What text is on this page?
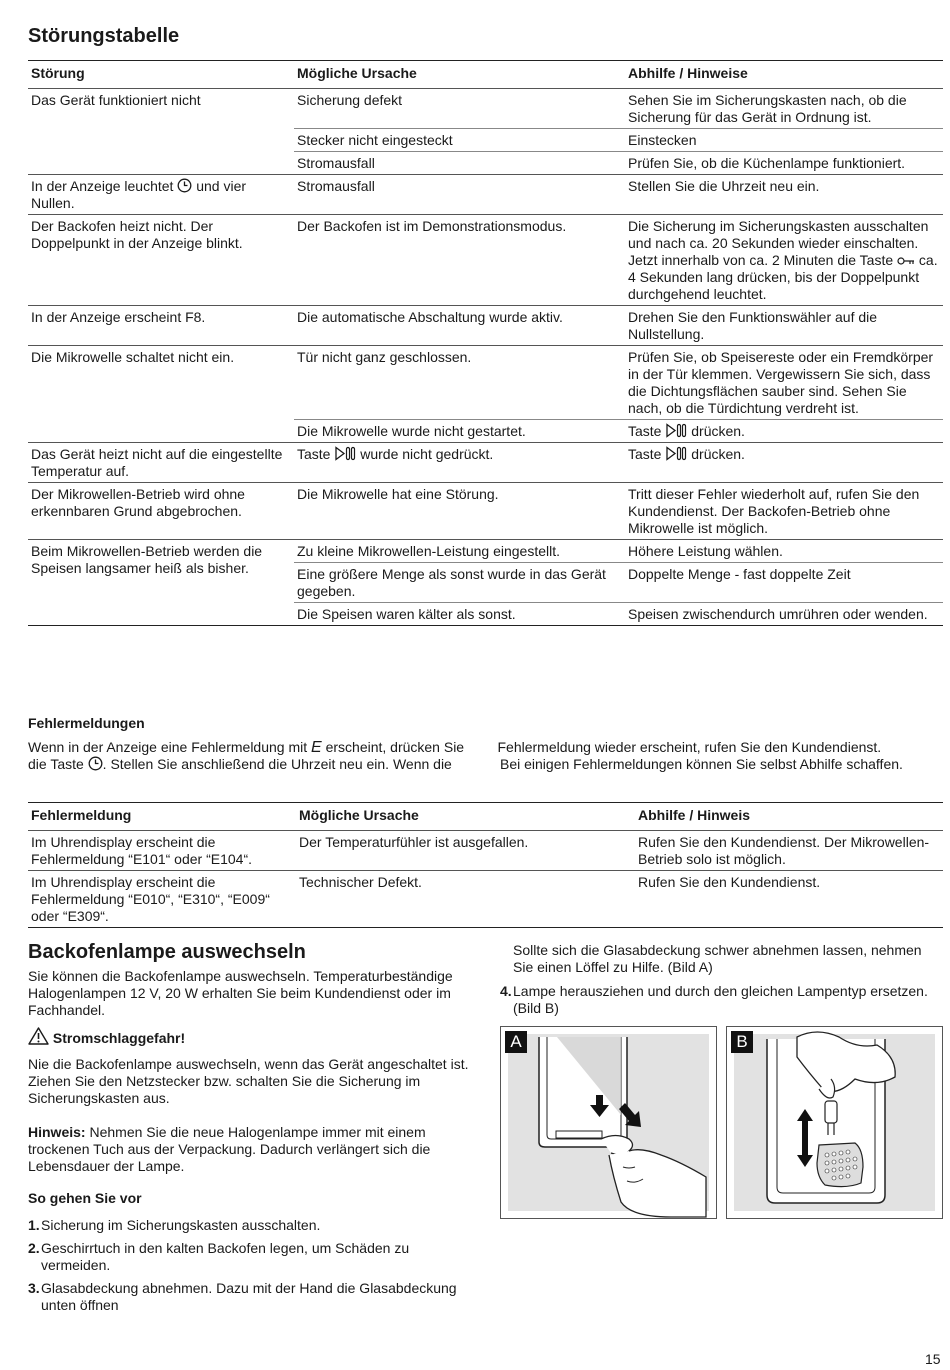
Störungstabelle
Störung	Mögliche Ursache	Abhilfe / Hinweise
Das Gerät funktioniert nicht	Sicherung defekt	Sehen Sie im Sicherungskasten nach, ob die Sicherung für das Gerät in Ordnung ist.
	Stecker nicht eingesteckt	Einstecken
	Stromausfall	Prüfen Sie, ob die Küchenlampe funktioniert.
In der Anzeige leuchtet und vier Nullen.	Stromausfall	Stellen Sie die Uhrzeit neu ein.
Der Backofen heizt nicht. Der Doppelpunkt in der Anzeige blinkt.	Der Backofen ist im Demonstrationsmodus.	Die Sicherung im Sicherungskasten ausschalten und nach ca. 20 Sekunden wieder einschalten. Jetzt innerhalb von ca. 2 Minuten die Taste ca. 4 Sekunden lang drücken, bis der Doppelpunkt durchgehend leuchtet.
In der Anzeige erscheint F8.	Die automatische Abschaltung wurde aktiv.	Drehen Sie den Funktionswähler auf die Nullstellung.
Die Mikrowelle schaltet nicht ein.	Tür nicht ganz geschlossen.	Prüfen Sie, ob Speisereste oder ein Fremdkörper in der Tür klemmen. Vergewissern Sie sich, dass die Dichtungsflächen sauber sind. Sehen Sie nach, ob die Türdichtung verdreht ist.
	Die Mikrowelle wurde nicht gestartet.	Taste drücken.
Das Gerät heizt nicht auf die eingestellte Temperatur auf.	Taste wurde nicht gedrückt.	Taste drücken.
Der Mikrowellen-Betrieb wird ohne erkennbaren Grund abgebrochen.	Die Mikrowelle hat eine Störung.	Tritt dieser Fehler wiederholt auf, rufen Sie den Kundendienst. Der Backofen-Betrieb ohne Mikrowelle ist möglich.
Beim Mikrowellen-Betrieb werden die Speisen langsamer heiß als bisher.	Zu kleine Mikrowellen-Leistung eingestellt.	Höhere Leistung wählen.
	Eine größere Menge als sonst wurde in das Gerät gegeben.	Doppelte Menge - fast doppelte Zeit
	Die Speisen waren kälter als sonst.	Speisen zwischendurch umrühren oder wenden.
Fehlermeldungen
Wenn in der Anzeige eine Fehlermeldung mit E erscheint, drücken Sie die Taste . Stellen Sie anschließend die Uhrzeit neu ein. Wenn die Fehlermeldung wieder erscheint, rufen Sie den Kundendienst.
Bei einigen Fehlermeldungen können Sie selbst Abhilfe schaffen.
Fehlermeldung	Mögliche Ursache	Abhilfe / Hinweis
Im Uhrendisplay erscheint die Fehlermeldung “E101“ oder “E104“.	Der Temperaturfühler ist ausgefallen.	Rufen Sie den Kundendienst. Der Mikrowellen-Betrieb solo ist möglich.
Im Uhrendisplay erscheint die Fehlermeldung “E010“, “E310“, “E009“ oder “E309“.	Technischer Defekt.	Rufen Sie den Kundendienst.
Backofenlampe auswechseln
Sie können die Backofenlampe auswechseln. Temperaturbeständige Halogenlampen 12 V, 20 W erhalten Sie beim Kundendienst oder im Fachhandel.
Stromschlaggefahr!
Nie die Backofenlampe auswechseln, wenn das Gerät angeschaltet ist. Ziehen Sie den Netzstecker bzw. schalten Sie die Sicherung im Sicherungskasten aus.
Hinweis: Nehmen Sie die neue Halogenlampe immer mit einem trockenen Tuch aus der Verpackung. Dadurch verlängert sich die Lebensdauer der Lampe.
So gehen Sie vor
1. Sicherung im Sicherungskasten ausschalten.
2. Geschirrtuch in den kalten Backofen legen, um Schäden zu vermeiden.
3. Glasabdeckung abnehmen. Dazu mit der Hand die Glasabdeckung unten öffnen
Sollte sich die Glasabdeckung schwer abnehmen lassen, nehmen Sie einen Löffel zu Hilfe. (Bild A)
4. Lampe herausziehen und durch den gleichen Lampentyp ersetzen. (Bild B)
A	B
15
